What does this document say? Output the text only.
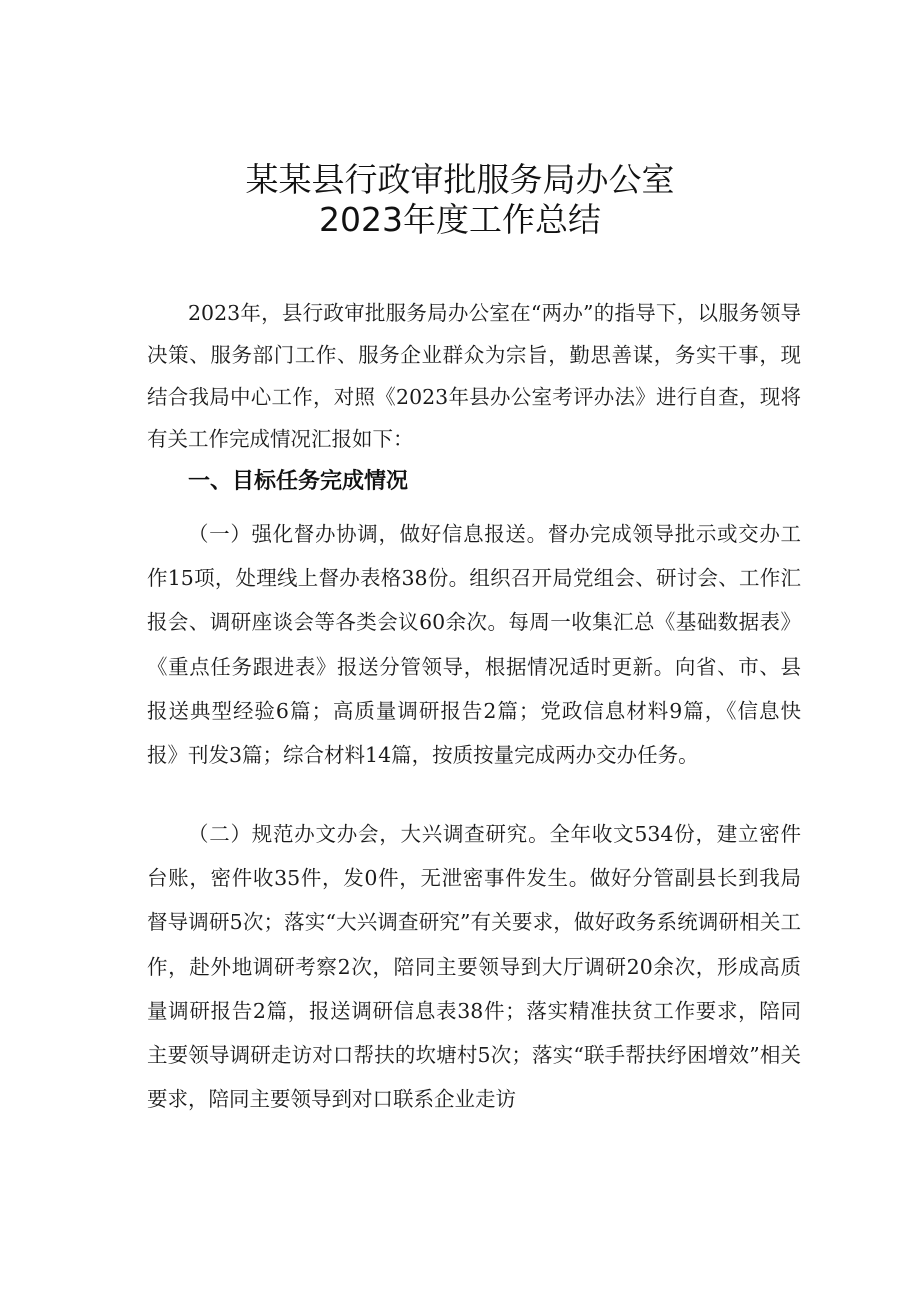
某某县行政审批服务局办公室
2023年度工作总结

2023年，县行政审批服务局办公室在“两办”的指导下，以服务领导决策、服务部门工作、服务企业群众为宗旨，勤思善谋，务实干事，现结合我局中心工作，对照《2023年县办公室考评办法》进行自查，现将有关工作完成情况汇报如下：

一、目标任务完成情况

（一）强化督办协调，做好信息报送。督办完成领导批示或交办工作15项，处理线上督办表格38份。组织召开局党组会、研讨会、工作汇报会、调研座谈会等各类会议60余次。每周一收集汇总《基础数据表》《重点任务跟进表》报送分管领导，根据情况适时更新。向省、市、县报送典型经验6篇；高质量调研报告2篇；党政信息材料9篇，《信息快报》刊发3篇；综合材料14篇，按质按量完成两办交办任务。

（二）规范办文办会，大兴调查研究。全年收文534份，建立密件台账，密件收35件，发0件，无泄密事件发生。做好分管副县长到我局督导调研5次；落实“大兴调查研究”有关要求，做好政务系统调研相关工作，赴外地调研考察2次，陪同主要领导到大厅调研20余次，形成高质量调研报告2篇，报送调研信息表38件；落实精准扶贫工作要求，陪同主要领导调研走访对口帮扶的坎塘村5次；落实“联手帮扶纾困增效”相关要求，陪同主要领导到对口联系企业走访
